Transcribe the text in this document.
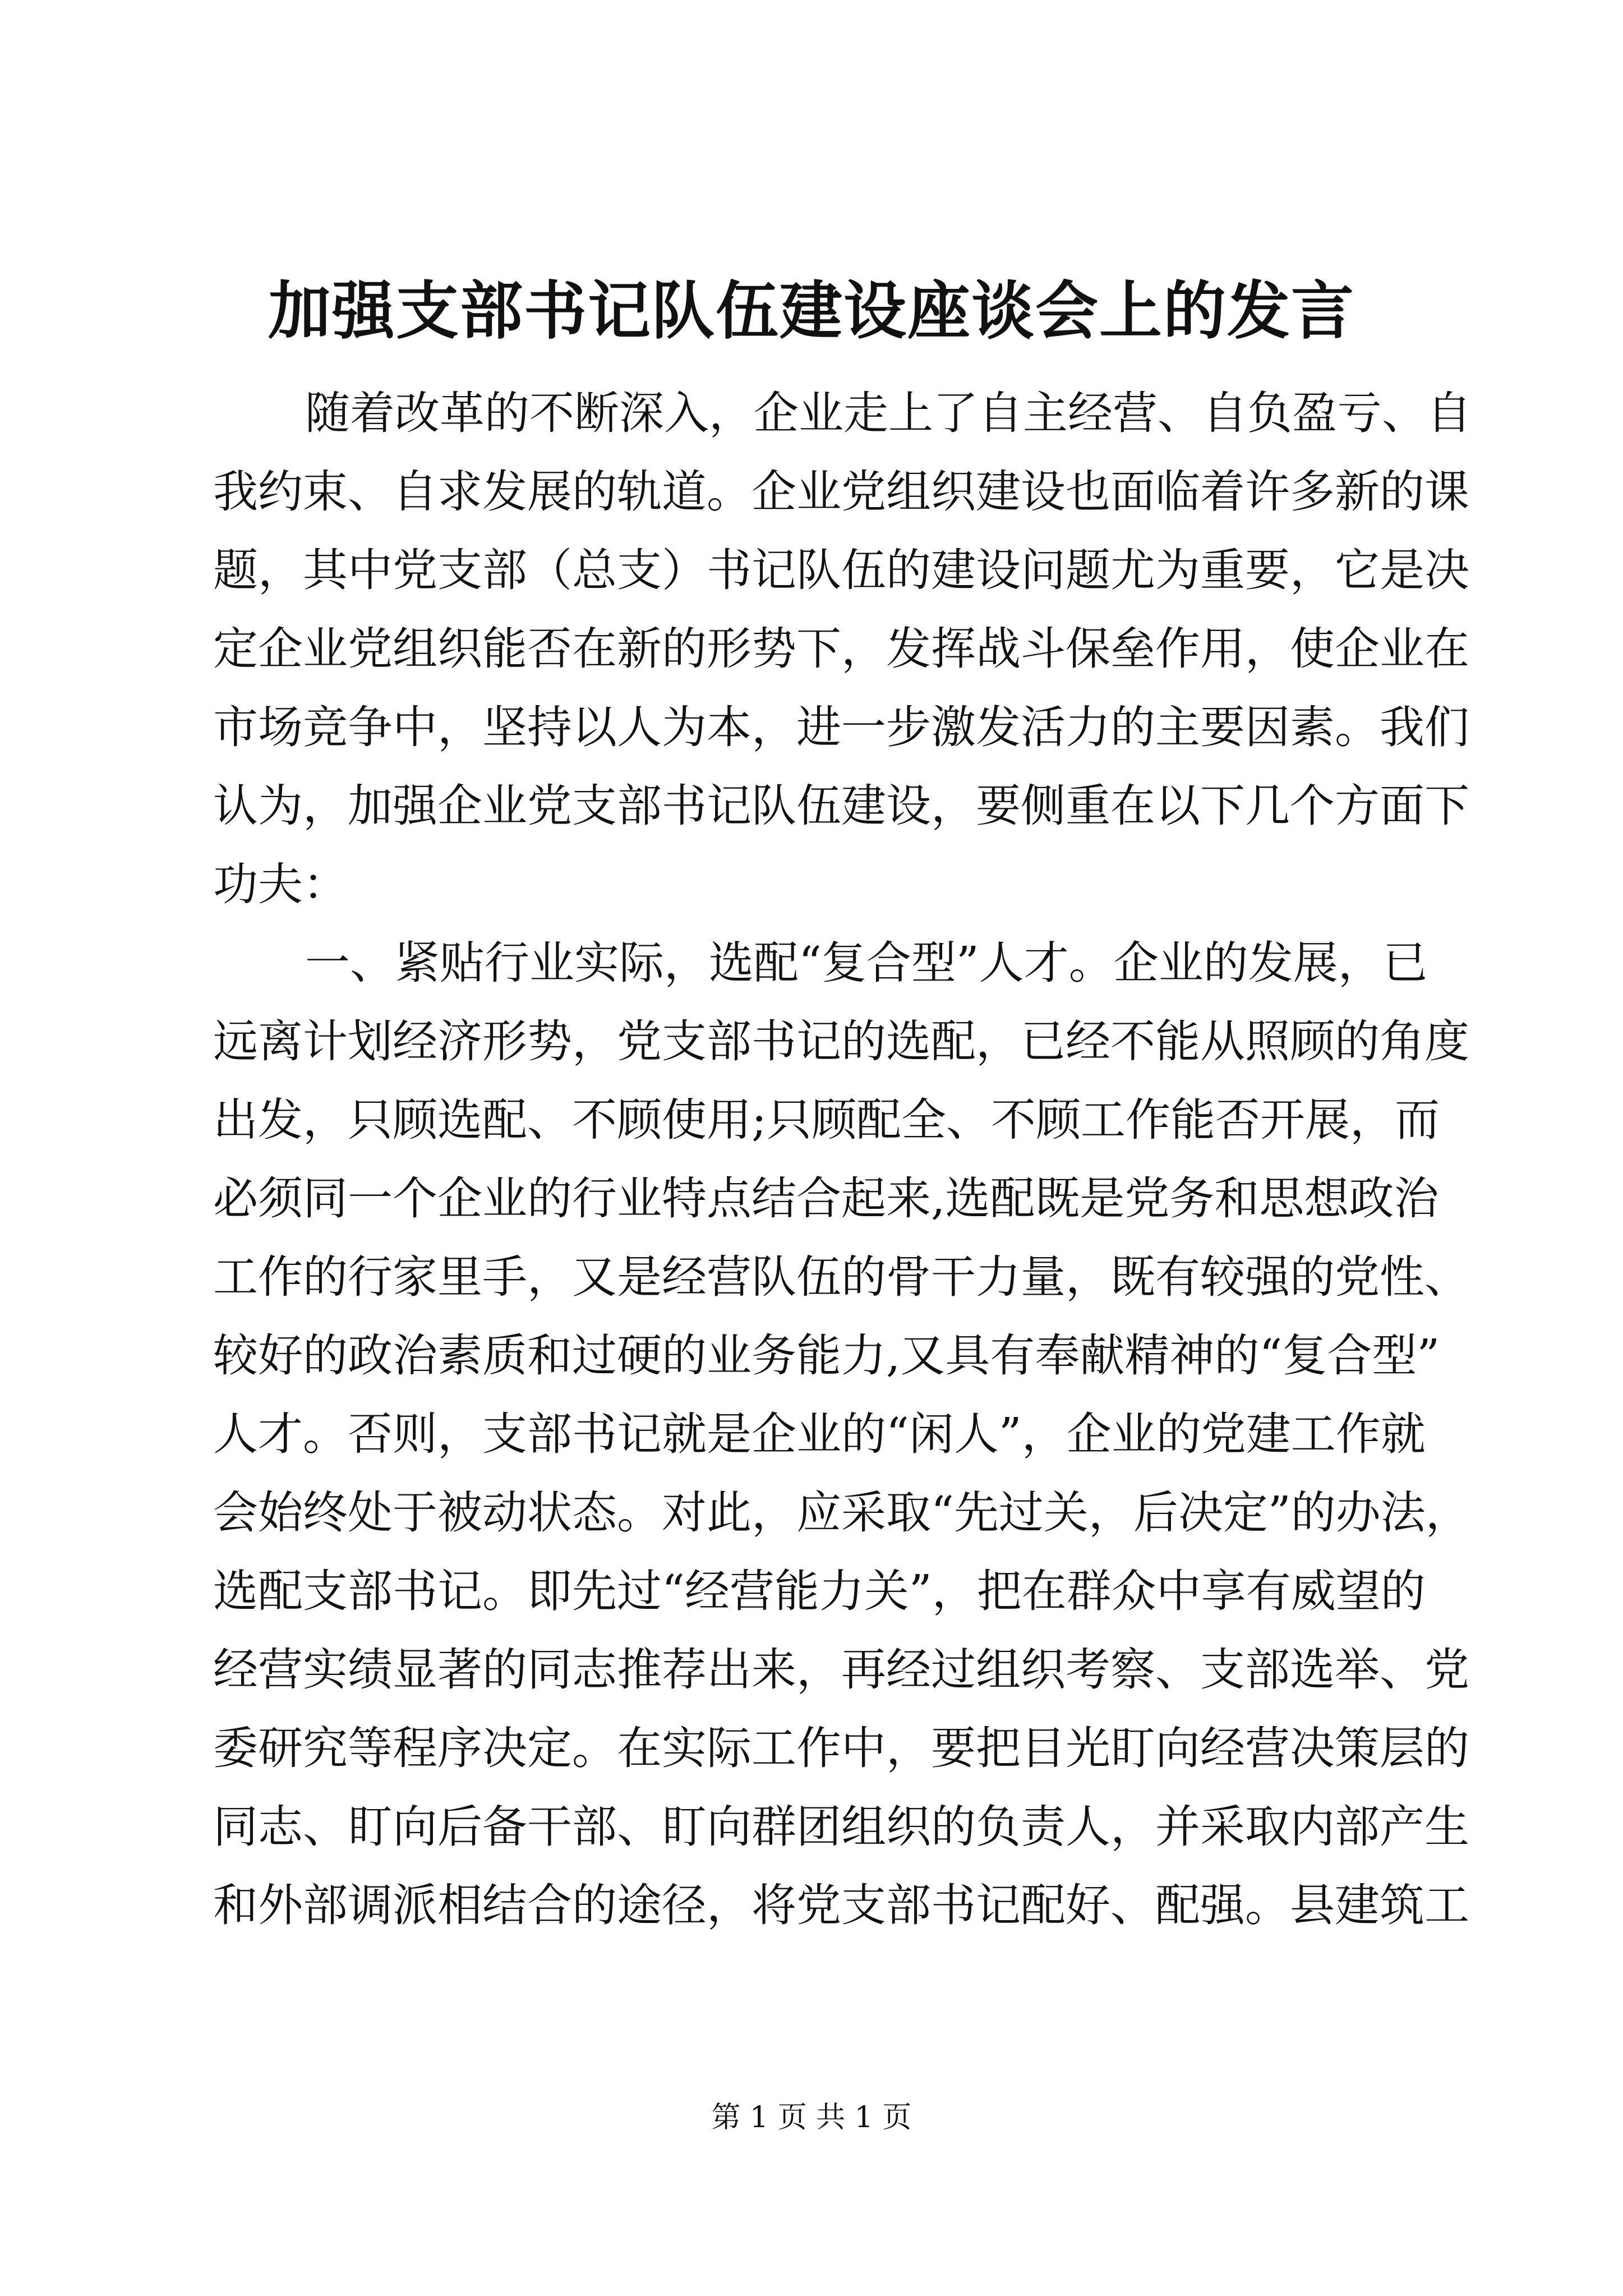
加强支部书记队伍建设座谈会上的发言
随着改革的不断深入，企业走上了自主经营、自负盈亏、自
我约束、自求发展的轨道。企业党组织建设也面临着许多新的课
题，其中党支部（总支）书记队伍的建设问题尤为重要，它是决
定企业党组织能否在新的形势下，发挥战斗保垒作用，使企业在
市场竞争中，坚持以人为本，进一步激发活力的主要因素。我们
认为，加强企业党支部书记队伍建设，要侧重在以下几个方面下
功夫：
一、紧贴行业实际，选配“复合型”人才。企业的发展，已
远离计划经济形势，党支部书记的选配，已经不能从照顾的角度
出发，只顾选配、不顾使用;只顾配全、不顾工作能否开展，而
必须同一个企业的行业特点结合起来,选配既是党务和思想政治
工作的行家里手，又是经营队伍的骨干力量，既有较强的党性、
较好的政治素质和过硬的业务能力,又具有奉献精神的“复合型”
人才。否则，支部书记就是企业的“闲人”，企业的党建工作就
会始终处于被动状态。对此，应采取“先过关，后决定”的办法，
选配支部书记。即先过“经营能力关”，把在群众中享有威望的
经营实绩显著的同志推荐出来，再经过组织考察、支部选举、党
委研究等程序决定。在实际工作中，要把目光盯向经营决策层的
同志、盯向后备干部、盯向群团组织的负责人，并采取内部产生
和外部调派相结合的途径，将党支部书记配好、配强。县建筑工
第 1 页 共 1 页
